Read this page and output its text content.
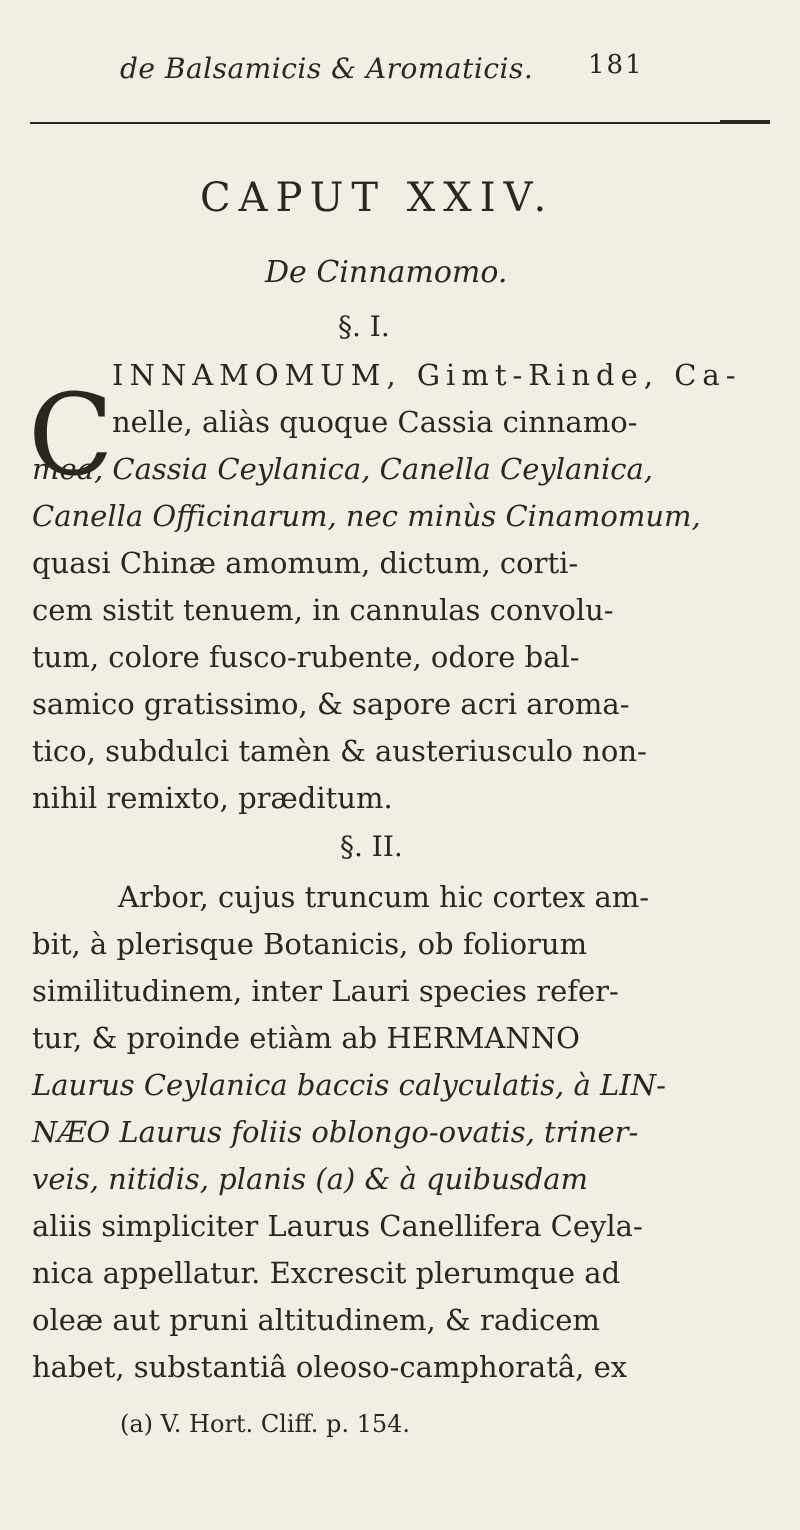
de Balsamicis & Aromaticis. 181
CAPUT XXIV.
De Cinnamomo.
§. I.
C
INNAMOMUM, Gimt-Rinde, Ca-
nelle, aliàs quoque Cassia cinnamo-
mea, Cassia Ceylanica, Canella Ceylanica,
Canella Officinarum, nec minùs Cinamomum,
quasi Chinæ amomum, dictum, corti-
cem sistit tenuem, in cannulas convolu-
tum, colore fusco-rubente, odore bal-
samico gratissimo, & sapore acri aroma-
tico, subdulci tamèn & austeriusculo non-
nihil remixto, præditum.
§. II.
Arbor, cujus truncum hic cortex am-
bit, à plerisque Botanicis, ob foliorum
similitudinem, inter Lauri species refer-
tur, & proinde etiàm ab HERMANNO
Laurus Ceylanica baccis calyculatis, à LIN-
NÆO Laurus foliis oblongo-ovatis, triner-
veis, nitidis, planis (a) & à quibusdam
aliis simpliciter Laurus Canellifera Ceyla-
nica appellatur. Excrescit plerumque ad
oleæ aut pruni altitudinem, & radicem
habet, substantiâ oleoso-camphoratâ, ex
(a) V. Hort. Cliff. p. 154.
